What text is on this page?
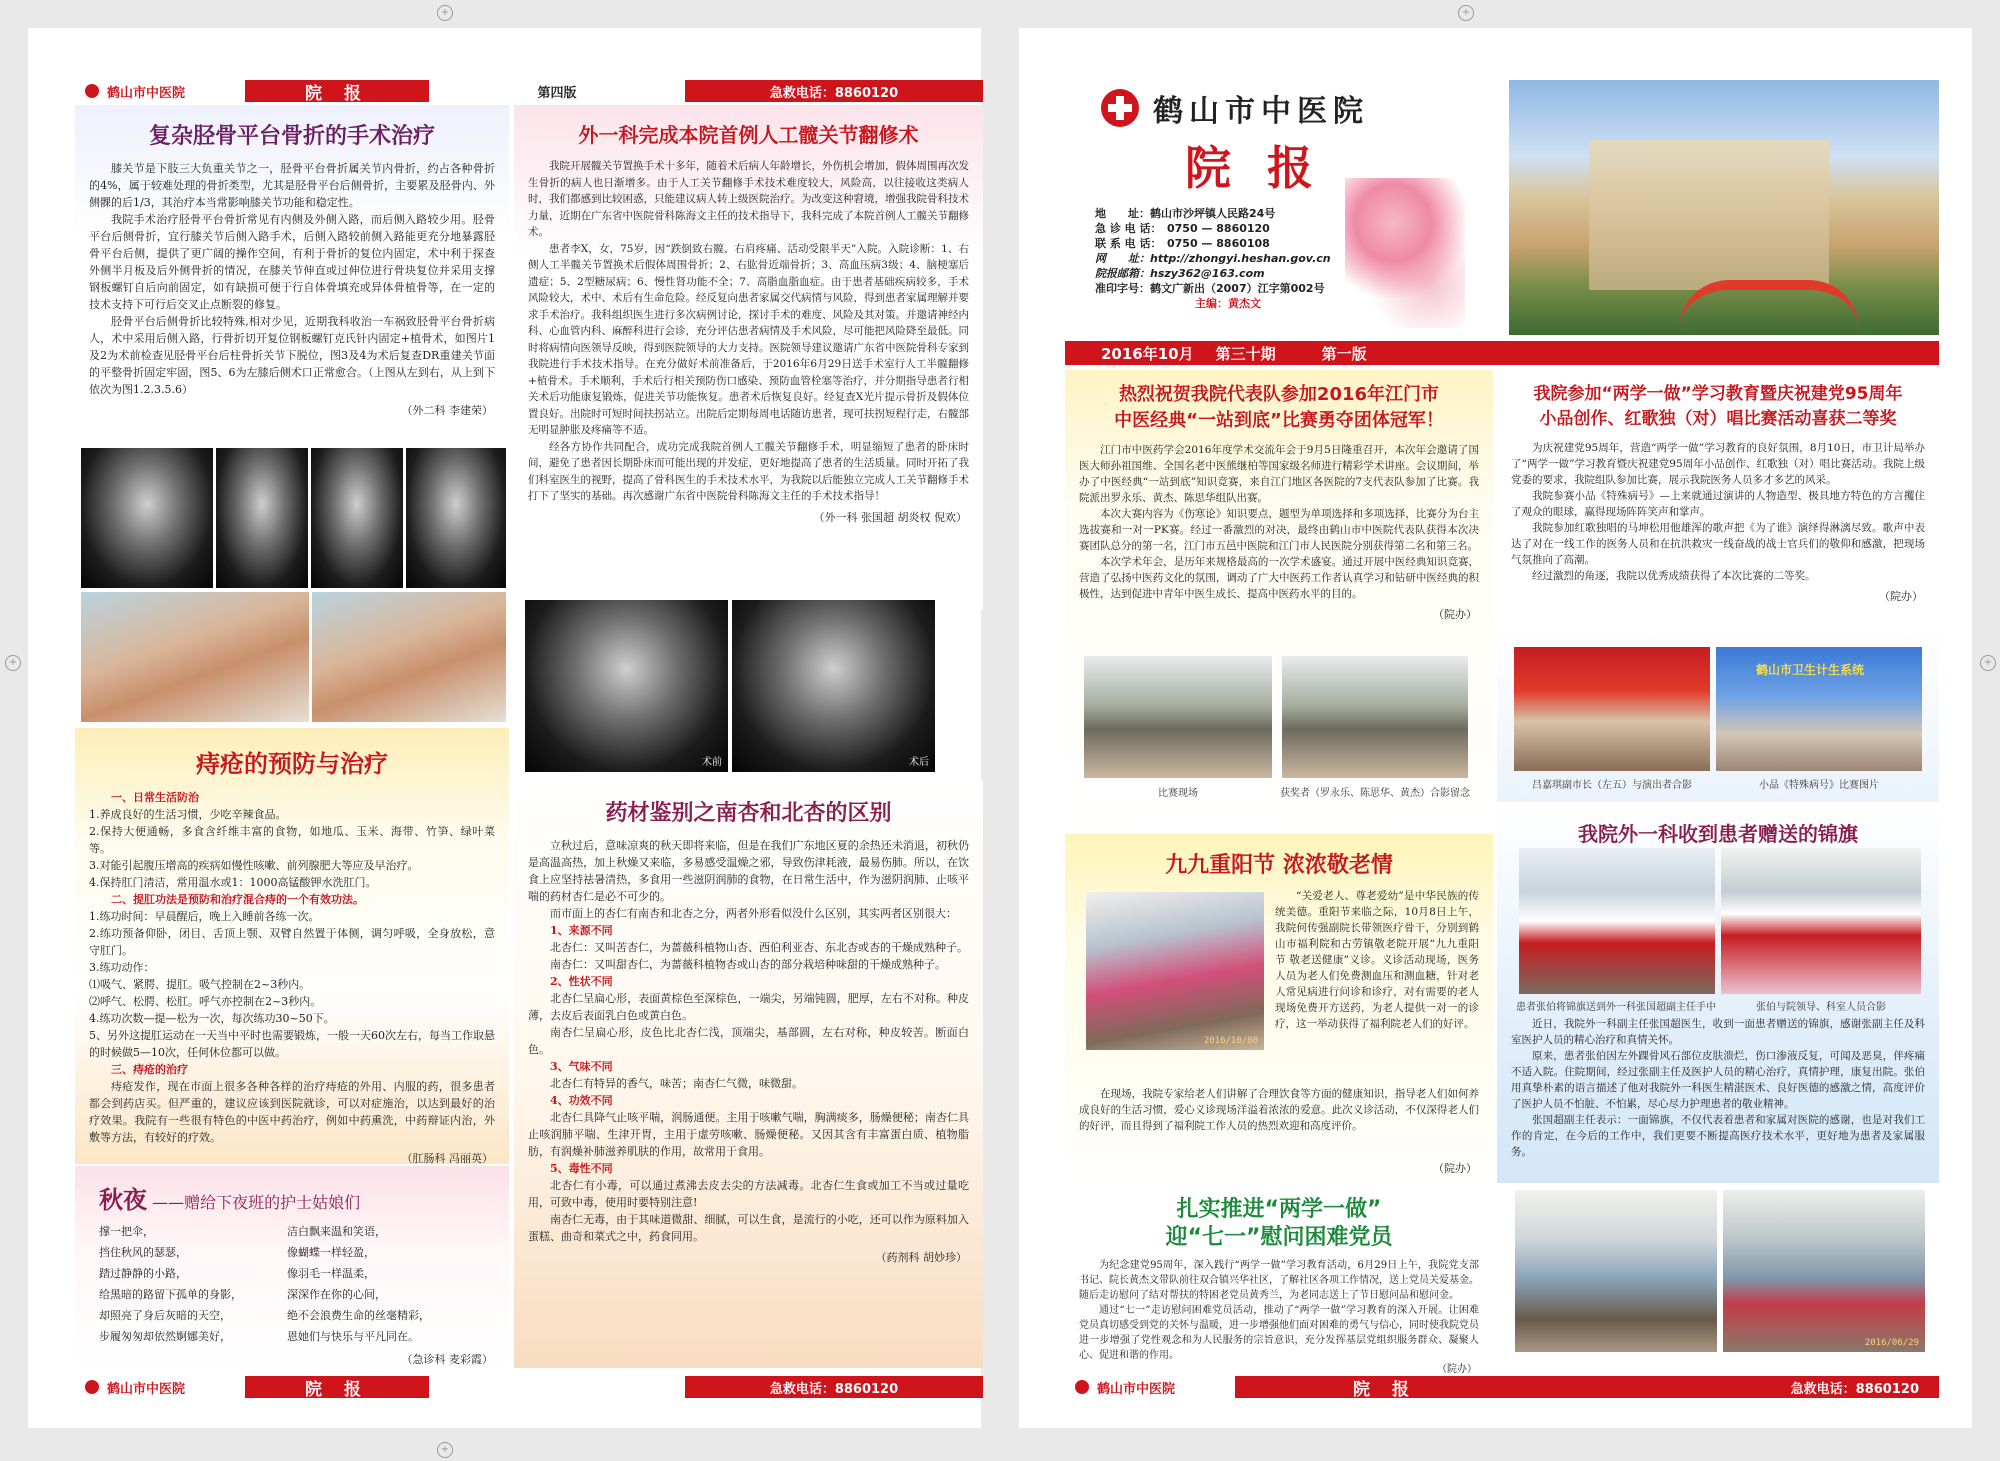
+	+
+	+
+
鹤山市中医院	院 报	第四版	急救电话：8860120
复杂胫骨平台骨折的手术治疗

膝关节是下肢三大负重关节之一，胫骨平台骨折属关节内骨折，约占各种骨折的4%，属于较难处理的骨折类型，尤其是胫骨平台后侧骨折，主要累及胫骨内、外侧髁的后1/3，其治疗本当常影响膝关节功能和稳定性。

我院手术治疗胫骨平台骨折常见有内侧及外侧入路，而后侧入路较少用。胫骨平台后侧骨折，宜行膝关节后侧入路手术，后侧入路较前侧入路能更充分地暴露胫骨平台后侧，提供了更广阔的操作空间，有利于骨折的复位内固定，术中利于探查外侧半月板及后外侧骨折的情况，在膝关节伸直或过伸位进行骨块复位并采用支撑钢板螺钉自后向前固定，如有缺损可便于行自体骨填充或异体骨植骨等，在一定的技术支持下可行后交叉止点断裂的修复。

胫骨平台后侧骨折比较特殊,相对少见，近期我科收治一车祸致胫骨平台骨折病人，术中采用后侧入路，行骨折切开复位钢板螺钉克氏针内固定+植骨术，如图片1及2为术前检查见胫骨平台后柱骨折关节下脱位，图3及4为术后复查DR重建关节面的平整骨折固定牢固，图5、6为左膝后侧术口正常愈合。（上图从左到右，从上到下依次为图1.2.3.5.6）

（外二科 李建荣）
痔疮的预防与治疗

一、日常生活防治

1.养成良好的生活习惯，少吃辛辣食品。

2.保持大便通畅，多食含纤维丰富的食物，如地瓜、玉米、海带、竹笋、绿叶菜等。

3.对能引起腹压增高的疾病如慢性咳嗽、前列腺肥大等应及早治疗。

4.保持肛门清洁，常用温水或1：1000高锰酸钾水洗肛门。

二、提肛功法是预防和治疗混合痔的一个有效功法。

1.练功时间：早晨醒后，晚上入睡前各练一次。

2.练功预备仰卧，闭目、舌顶上颚、双臂自然置于体侧，调匀呼吸，全身放松，意守肛门。

3.练功动作：

⑴吸气、紧腭、提肛。吸气控制在2~3秒内。

⑵呼气、松腭、松肛。呼气亦控制在2~3秒内。

4.练功次数—提—松为一次，每次练功30~50下。

5、另外这提肛运动在一天当中平时也需要锻炼，一般一天60次左右，每当工作取悬的时候做5—10次，任何休位都可以做。

三、痔疮的治疗

痔疮发作，现在市面上很多各种各样的治疗痔疮的外用、内服的药，很多患者都会到药店买。但严重的，建议应该到医院就诊，可以对症施治，以达到最好的治疗效果。我院有一些很有特色的中医中药治疗，例如中药熏洗，中药辩证内治，外敷等方法，有较好的疗效。

（肛肠科 冯丽英）
秋夜 ——赠给下夜班的护士姑娘们
撑一把伞，
挡住秋风的瑟瑟，
踏过静静的小路，
给黑暗的路留下孤单的身影，
却照亮了身后灰暗的天空，
步履匆匆却依然婀娜美好，
洁白飘来温和笑语，
像蝴蝶一样轻盈，
像羽毛一样温柔，
深深作在你的心间，
绝不会浪费生命的丝毫精彩，
恩她们与快乐与平凡同在。
（急诊科 麦彩霞）
外一科完成本院首例人工髋关节翻修术

我院开展髋关节置换手术十多年，随着术后病人年龄增长，外伤机会增加，假体周围再次发生骨折的病人也日渐增多。由于人工关节翻修手术技术难度较大，风险高，以往接收这类病人时，我们都感到比较困惑，只能建议病人转上级医院治疗。为改变这种窘境，增强我院骨科技术力量，近期在广东省中医院骨科陈海文主任的技术指导下，我科完成了本院首例人工髋关节翻修术。

患者李X，女，75岁，因“跌倒致右髋、右肩疼痛、活动受限半天”入院。入院诊断：1、右侧人工半髋关节置换术后假体周围骨折；2、右肱骨近端骨折；3、高血压病3级；4、脑梗塞后遗症；5、2型糖尿病；6、慢性肾功能不全；7、高脂血脂血症。由于患者基础疾病较多，手术风险较大，术中、术后有生命危险。经反复向患者家属交代病情与风险，得到患者家属理解并要求手术治疗。我科组织医生进行多次病例讨论，探讨手术的难度、风险及其对策。并邀请神经内科、心血管内科、麻醉科进行会诊，充分评估患者病情及手术风险，尽可能把风险降至最低。同时将病情向医领导反映，得到医院领导的大力支持。医院领导建议邀请广东省中医院骨科专家到我院进行手术技术指导。在充分做好术前准备后，于2016年6月29日送手术室行人工半髋翻修+植骨术。手术顺利，手术后行相关预防伤口感染、预防血管栓塞等治疗，并分期指导患者行相关术后功能康复锻炼，促进关节功能恢复。患者术后恢复良好。经复查X光片提示骨折及假体位置良好。出院时可短时间扶拐站立。出院后定期每周电话随访患者，现可扶拐短程行走，右髋部无明显肿胀及疼痛等不适。

经各方协作共同配合，成功完成我院首例人工髋关节翻修手术，明显缩短了患者的卧床时间，避免了患者因长期卧床而可能出现的并发症，更好地提高了患者的生活质量。同时开拓了我们科室医生的视野，提高了骨科医生的手术技术水平，为我院以后能独立完成人工关节翻修手术打下了坚实的基础。再次感谢广东省中医院骨科陈海文主任的手术技术指导！

（外一科 张国超 胡炎权 倪欢）
术前	术后
药材鉴别之南杏和北杏的区别

立秋过后，意味凉爽的秋天即将来临，但是在我们广东地区夏的余热还未消退，初秋仍是高温高热，加上秋燥又来临，多易感受温燥之邪，导致伤津耗液，最易伤肺。所以，在饮食上应坚持祛暑清热，多食用一些滋阴润肺的食物，在日常生活中，作为滋阴润肺、止咳平喘的药材杏仁是必不可少的。

而市面上的杏仁有南杏和北杏之分，两者外形看似没什么区别，其实两者区别很大：

1、来源不同

北杏仁：又叫苦杏仁，为蔷薇科植物山杏、西伯利亚杏、东北杏或杏的干燥成熟种子。

南杏仁：又叫甜杏仁，为蔷薇科植物杏或山杏的部分栽培种味甜的干燥成熟种子。

2、性状不同

北杏仁呈扁心形，表面黄棕色至深棕色，一端尖，另端钝圆，肥厚，左右不对称。种皮薄，去皮后表面乳白色或黄白色。

南杏仁呈扁心形，皮色比北杏仁浅，顶端尖，基部圆，左右对称，种皮较苦。断面白色。

3、气味不同

北杏仁有特异的香气，味苦；南杏仁气微，味微甜。

4、功效不同

北杏仁具降气止咳平喘，润肠通便。主用于咳嗽气喘，胸满痰多，肠燥便秘；南杏仁具止咳润肺平喘、生津开胃，主用于虚劳咳嗽、肠燥便秘。又因其含有丰富蛋白质、植物脂肪，有润燥补肺滋养肌肤的作用，故常用于食用。

5、毒性不同

北杏仁有小毒，可以通过煮沸去皮去尖的方法减毒。北杏仁生食或加工不当或过量吃用，可致中毒，使用时要特别注意!

南杏仁无毒，由于其味道微甜、细腻，可以生食，是流行的小吃，还可以作为原料加入蛋糕、曲奇和菜式之中，药食同用。

（药剂科 胡妙珍）
鹤山市中医院	院 报	急救电话：8860120
鹤山市中医院
院 报
地　　址：鹤山市沙坪镇人民路24号
急 诊 电 话：　0750 — 8860120
联 系 电 话：　0750 — 8860108
网　　址：http://zhongyi.heshan.gov.cn
院报邮箱：hszy362@163.com
准印字号：鹤文广新出（2007）江字第002号
主编：黄杰文
2016年10月	第三十期	第一版
热烈祝贺我院代表队参加2016年江门市
中医经典“一站到底”比赛勇夺团体冠军！

江门市中医药学会2016年度学术交流年会于9月5日隆重召开，本次年会邀请了国医大师孙祖国维、全国名老中医熊继柏等国家级名师进行精彩学术讲座。会议期间，举办了中医经典“一站到底”知识竞赛，来自江门地区各医院的7支代表队参加了比赛。我院派出罗永乐、黄杰、陈思华组队出赛。

本次大赛内容为《伤寒论》知识要点，题型为单项选择和多项选择，比赛分为台主选拔赛和一对一PK赛。经过一番激烈的对决，最终由鹤山市中医院代表队获得本次决赛团队总分的第一名，江门市五邑中医院和江门市人民医院分别获得第二名和第三名。

本次学术年会，是历年来规格最高的一次学术盛宴。通过开展中医经典知识竞赛，营造了弘扬中医药文化的氛围，调动了广大中医药工作者认真学习和钻研中医经典的积极性，达到促进中青年中医生成长、提高中医药水平的目的。

（院办）
比赛现场	获奖者（罗永乐、陈思华、黄杰）合影留念
九九重阳节 浓浓敬老情
2016/10/08

“关爱老人、尊老爱幼”是中华民族的传统美德。重阳节来临之际，10月8日上午，我院何传强副院长带领医疗骨干，分别到鹤山市福利院和古劳镇敬老院开展“九九重阳节 敬老送健康”义诊。义诊活动现场，医务人员为老人们免费测血压和测血糖，针对老人常见病进行问诊和诊疗，对有需要的老人现场免费开方送药，为老人提供一对一的诊疗，这一举动获得了福利院老人们的好评。

在现场，我院专家给老人们讲解了合理饮食等方面的健康知识，指导老人们如何养成良好的生活习惯，爱心义诊现场洋溢着浓浓的爱意。此次义诊活动，不仅深得老人们的好评，而且得到了福利院工作人员的热烈欢迎和高度评价。

（院办）
扎实推进“两学一做”
迎“七一”慰问困难党员

为纪念建党95周年，深入践行“两学一做”学习教育活动，6月29日上午，我院党支部书记、院长黄杰文带队前往双合镇兴华社区，了解社区各项工作情况，送上党员关爱基金。随后走访慰问了结对帮扶的特困老党员黄秀兰，为老同志送上了节日慰问品和慰问金。

通过“七一”走访慰问困难党员活动，推动了“两学一做”学习教育的深入开展。让困难党员真切感受到党的关怀与温暖，进一步增强他们面对困难的勇气与信心，同时使我院党员进一步增强了党性观念和为人民服务的宗旨意识，充分发挥基层党组织服务群众、凝聚人心、促进和谐的作用。

（院办）
我院参加“两学一做”学习教育暨庆祝建党95周年
小品创作、红歌独（对）唱比赛活动喜获二等奖

为庆祝建党95周年，营造“两学一做”学习教育的良好氛围，8月10日，市卫计局举办了“两学一做”学习教育暨庆祝建党95周年小品创作、红歌独（对）唱比赛活动。我院上级党委的要求，我院组队参加比赛，展示我院医务人员多才多艺的风采。

我院参赛小品《特殊病号》—上来就通过演讲的人物造型、极具地方特色的方言攫住了观众的眼球，赢得现场阵阵笑声和掌声。

我院参加红歌独唱的马坤松用他雄浑的歌声把《为了谁》演绎得淋漓尽致。歌声中表达了对在一线工作的医务人员和在抗洪救灾一线奋战的战士官兵们的敬仰和感激，把现场气氛推向了高潮。

经过激烈的角逐，我院以优秀成绩获得了本次比赛的二等奖。

（院办）
鹤山市卫生计生系统
吕嘉琪副市长（左五）与演出者合影	小品《特殊病号》比赛图片
我院外一科收到患者赠送的锦旗
患者张伯将锦旗送到外一科张国超副主任手中	张伯与院领导、科室人员合影

近日，我院外一科副主任张国超医生，收到一面患者赠送的锦旗，感谢张副主任及科室医护人员的精心治疗和真情关怀。

原来，患者张伯因左外踝骨风石部位皮肤溃烂，伤口渗液反复，可闻及恶臭，伴疼痛不适入院。住院期间，经过张副主任及医护人员的精心治疗，真情护理，康复出院。张伯用真挚朴素的语言描述了他对我院外一科医生精湛医术、良好医德的感激之情，高度评价了医护人员不怕脏、不怕累，尽心尽力护理患者的敬业精神。

张国超副主任表示：一面锦旗，不仅代表着患者和家属对医院的感谢，也是对我们工作的肯定，在今后的工作中，我们更要不断提高医疗技术水平，更好地为患者及家属服务。

2016/06/29
鹤山市中医院	院 报	急救电话：8860120
